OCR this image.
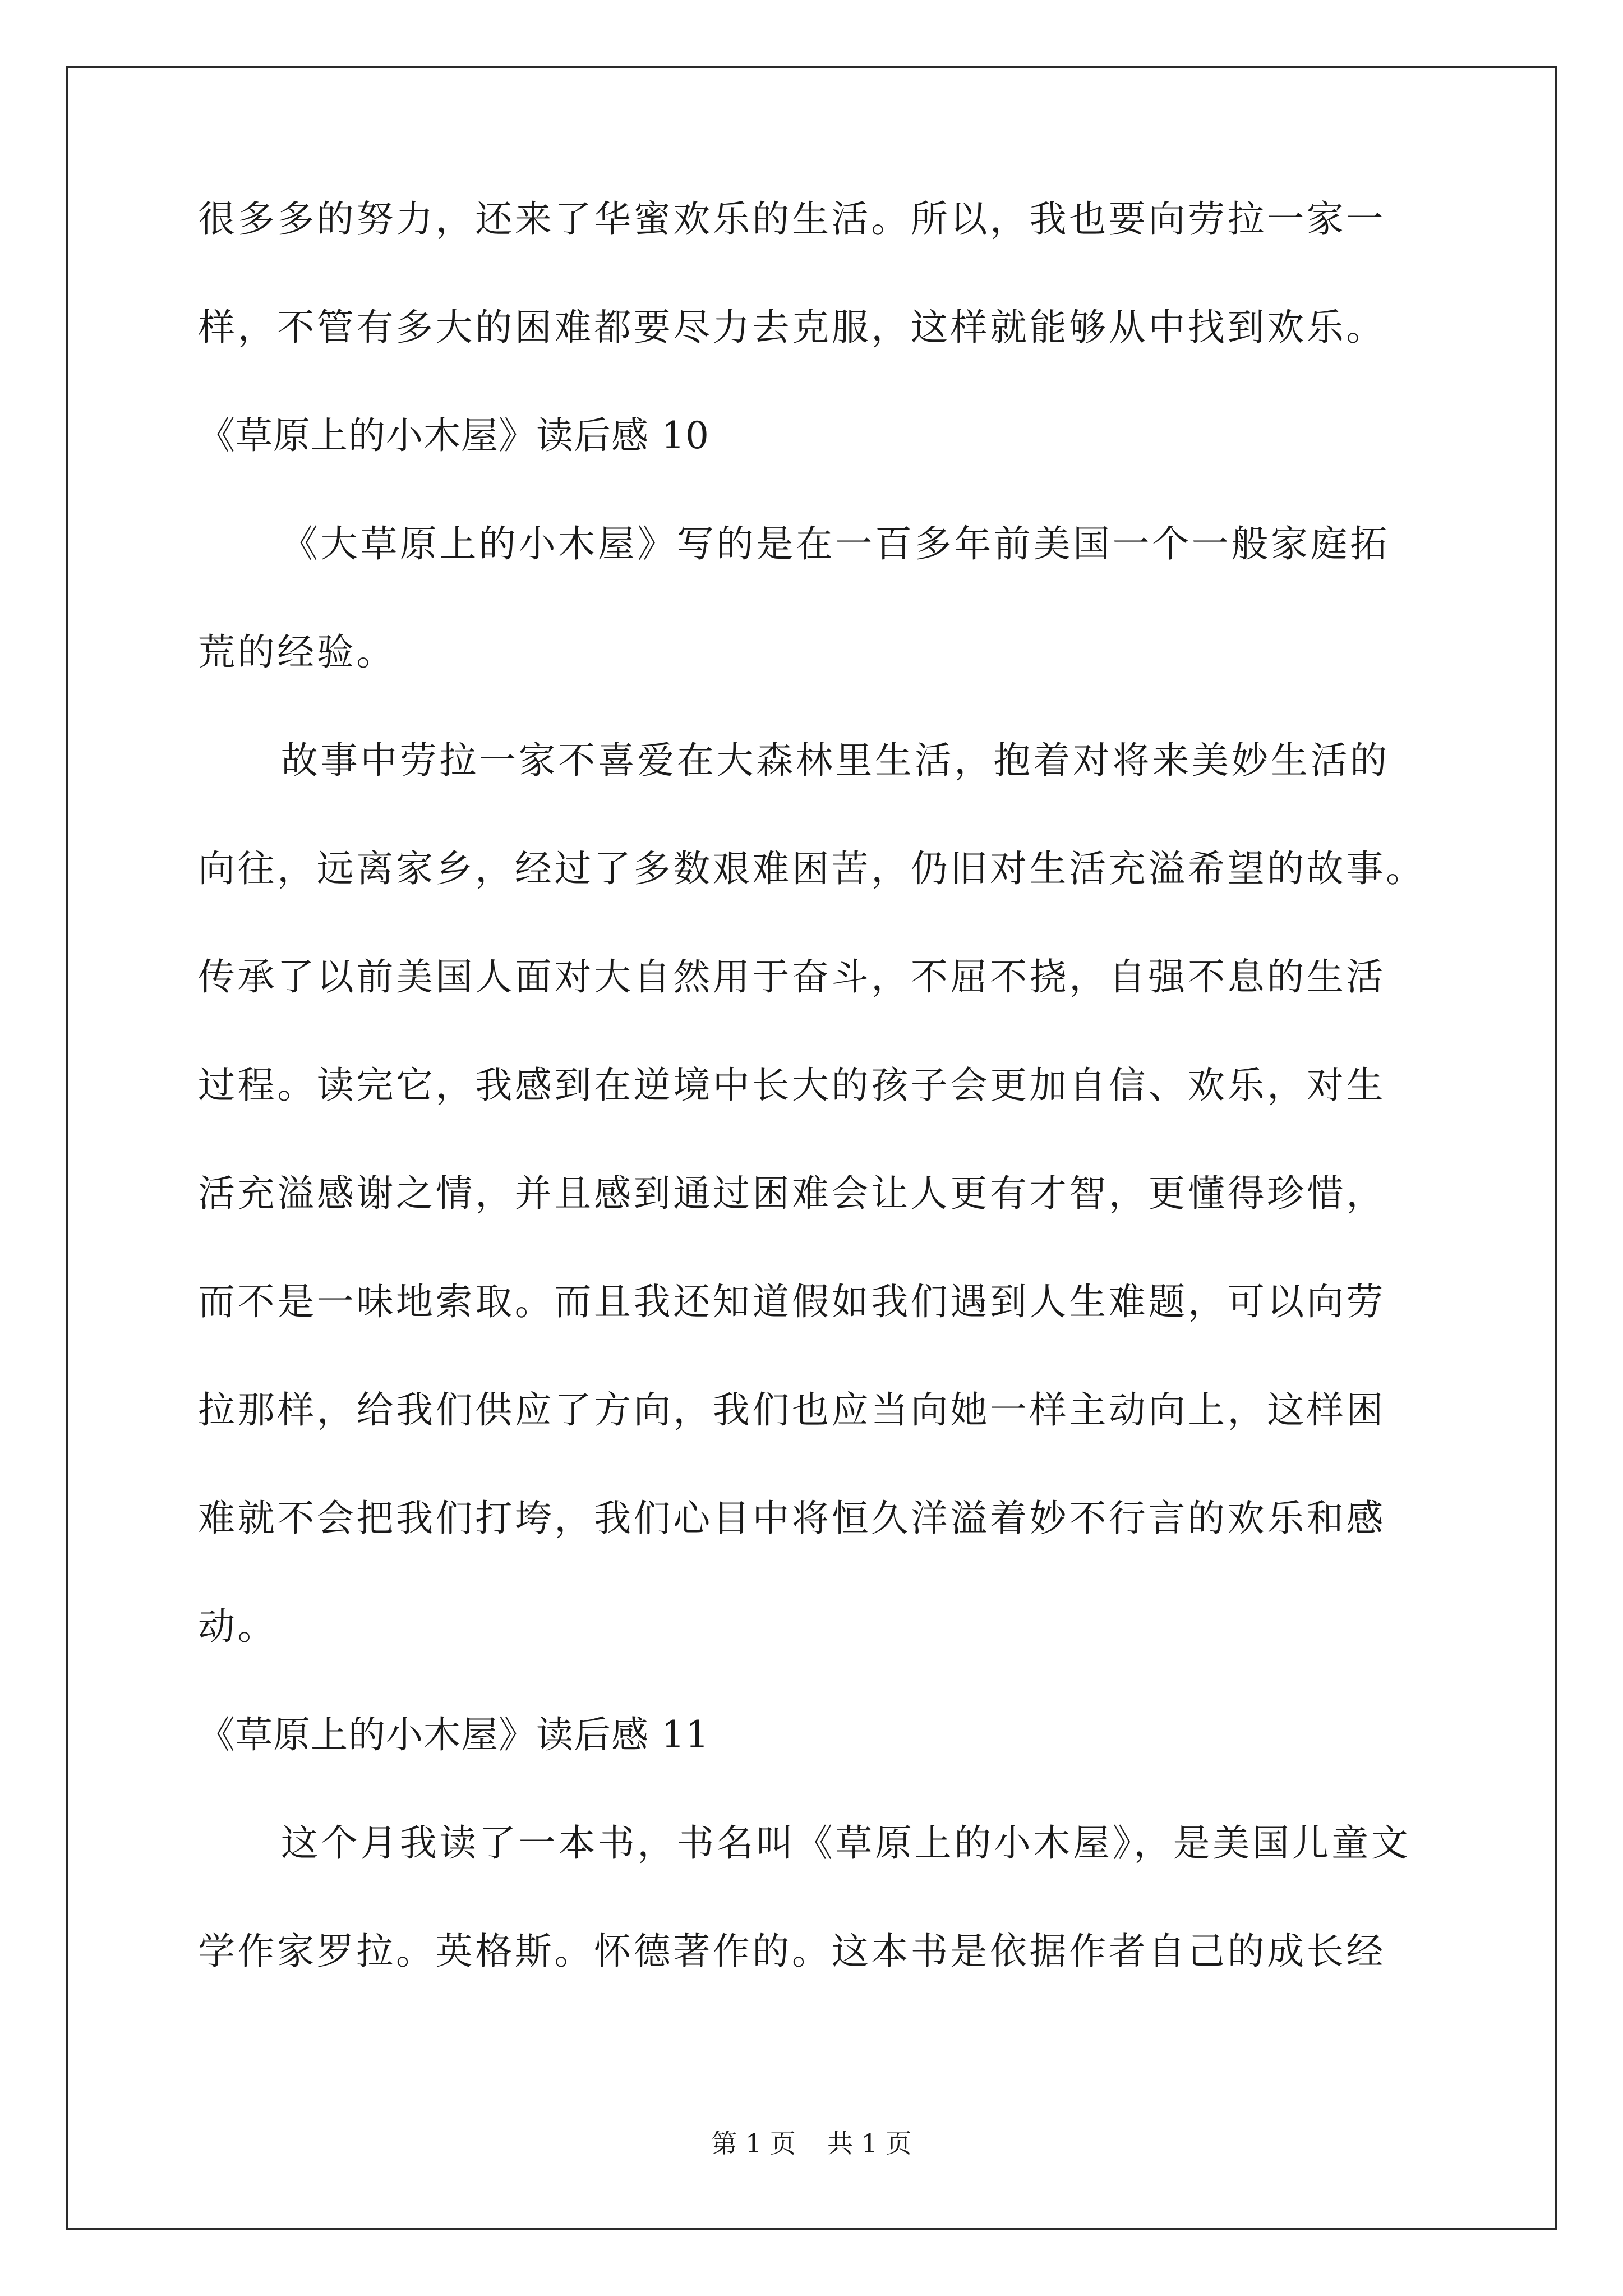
很多多的努力，还来了华蜜欢乐的生活。所以，我也要向劳拉一家一
样，不管有多大的困难都要尽力去克服，这样就能够从中找到欢乐。
《草原上的小木屋》读后感 10
《大草原上的小木屋》写的是在一百多年前美国一个一般家庭拓
荒的经验。
故事中劳拉一家不喜爱在大森林里生活，抱着对将来美妙生活的
向往，远离家乡，经过了多数艰难困苦，仍旧对生活充溢希望的故事。
传承了以前美国人面对大自然用于奋斗，不屈不挠，自强不息的生活
过程。读完它，我感到在逆境中长大的孩子会更加自信、欢乐，对生
活充溢感谢之情，并且感到通过困难会让人更有才智，更懂得珍惜，
而不是一味地索取。而且我还知道假如我们遇到人生难题，可以向劳
拉那样，给我们供应了方向，我们也应当向她一样主动向上，这样困
难就不会把我们打垮，我们心目中将恒久洋溢着妙不行言的欢乐和感
动。
《草原上的小木屋》读后感 11
这个月我读了一本书，书名叫《草原上的小木屋》，是美国儿童文
学作家罗拉。英格斯。怀德著作的。这本书是依据作者自己的成长经
第 1 页 共 1 页
